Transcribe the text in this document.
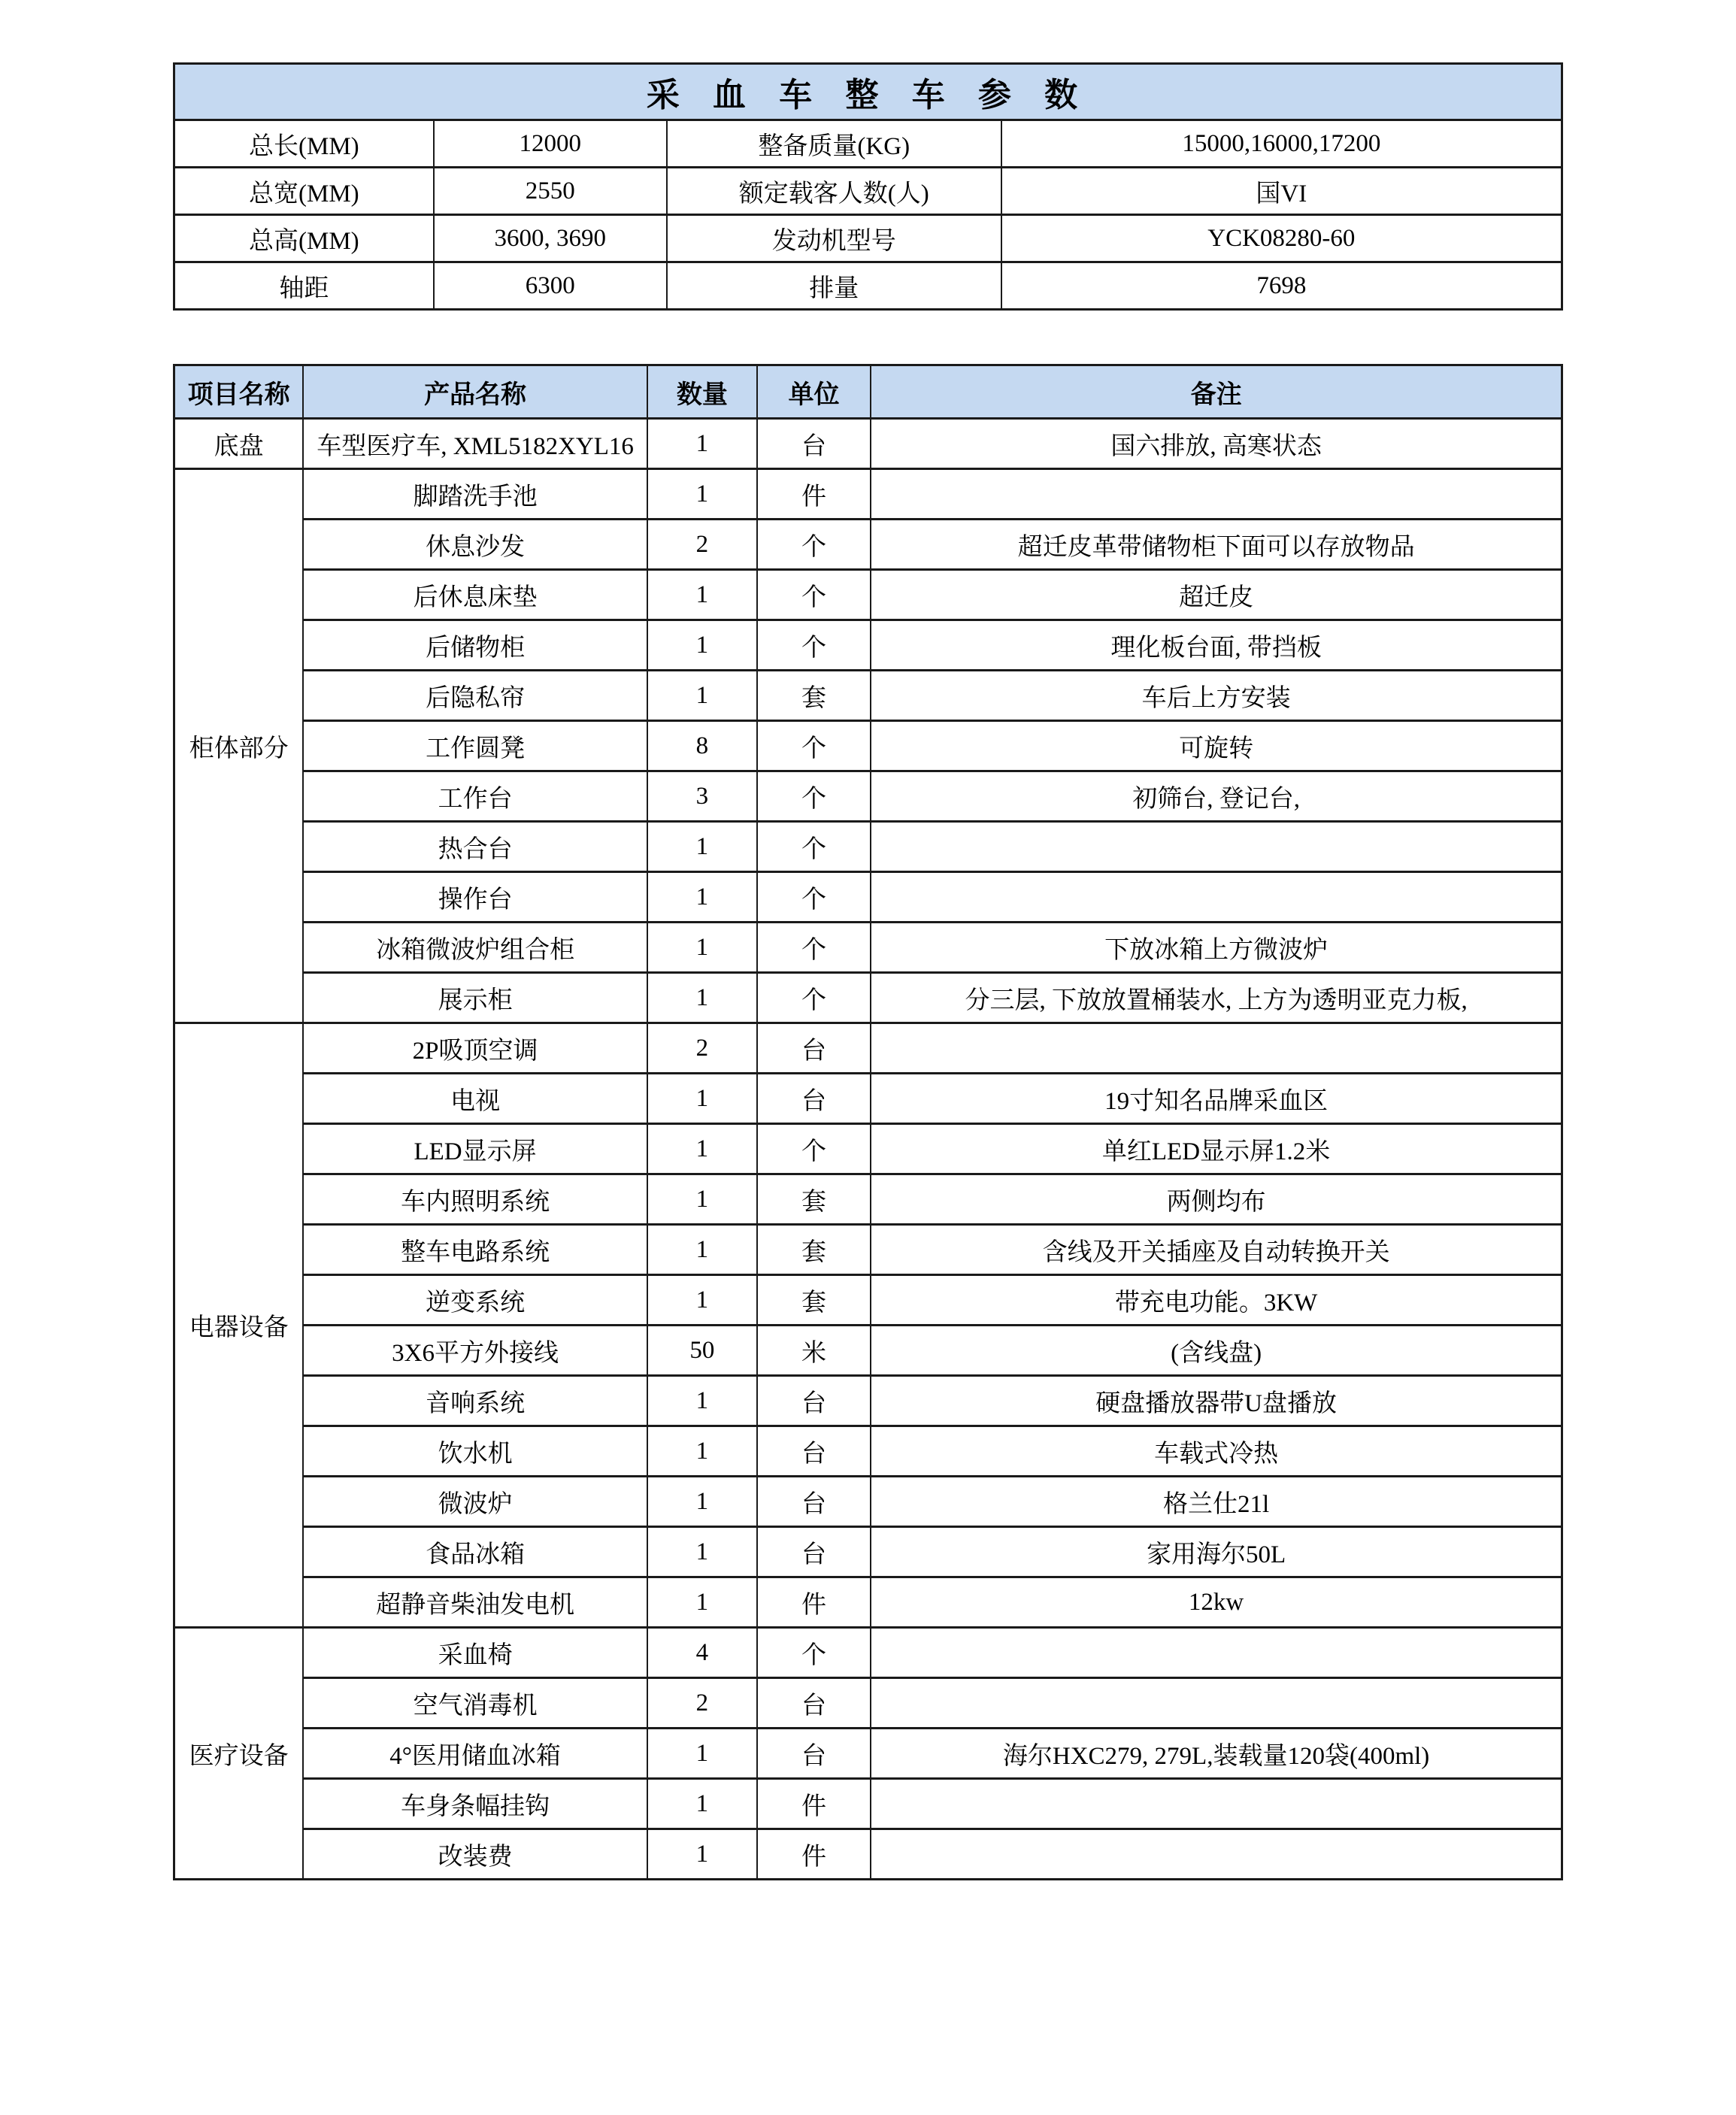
采 血 车 整 车 参 数			
总长(MM)	12000	整备质量(KG)	15000,16000,17200
总宽(MM)	2550	额定载客人数(人)	国VI
总高(MM)	3600, 3690	发动机型号	YCK08280-60
轴距	6300	排量	7698
项目名称	产品名称	数量	单位	备注
底盘	车型医疗车, XML5182XYL16	1	台	国六排放, 高寒状态
柜体部分	脚踏洗手池	1	件	
	休息沙发	2	个	超迁皮革带储物柜下面可以存放物品
	后休息床垫	1	个	超迁皮
	后储物柜	1	个	理化板台面, 带挡板
	后隐私帘	1	套	车后上方安装
	工作圆凳	8	个	可旋转
	工作台	3	个	初筛台, 登记台,
	热合台	1	个	
	操作台	1	个	
	冰箱微波炉组合柜	1	个	下放冰箱上方微波炉
	展示柜	1	个	分三层, 下放放置桶装水, 上方为透明亚克力板,
电器设备	2P吸顶空调	2	台	
	电视	1	台	19寸知名品牌采血区
	LED显示屏	1	个	单红LED显示屏1.2米
	车内照明系统	1	套	两侧均布
	整车电路系统	1	套	含线及开关插座及自动转换开关
	逆变系统	1	套	带充电功能。3KW
	3X6平方外接线	50	米	(含线盘)
	音响系统	1	台	硬盘播放器带U盘播放
	饮水机	1	台	车载式冷热
	微波炉	1	台	格兰仕21l
	食品冰箱	1	台	家用海尔50L
	超静音柴油发电机	1	件	12kw
医疗设备	采血椅	4	个	
	空气消毒机	2	台	
	4°医用储血冰箱	1	台	海尔HXC279, 279L,装载量120袋(400ml)
	车身条幅挂钩	1	件	
	改装费	1	件	
